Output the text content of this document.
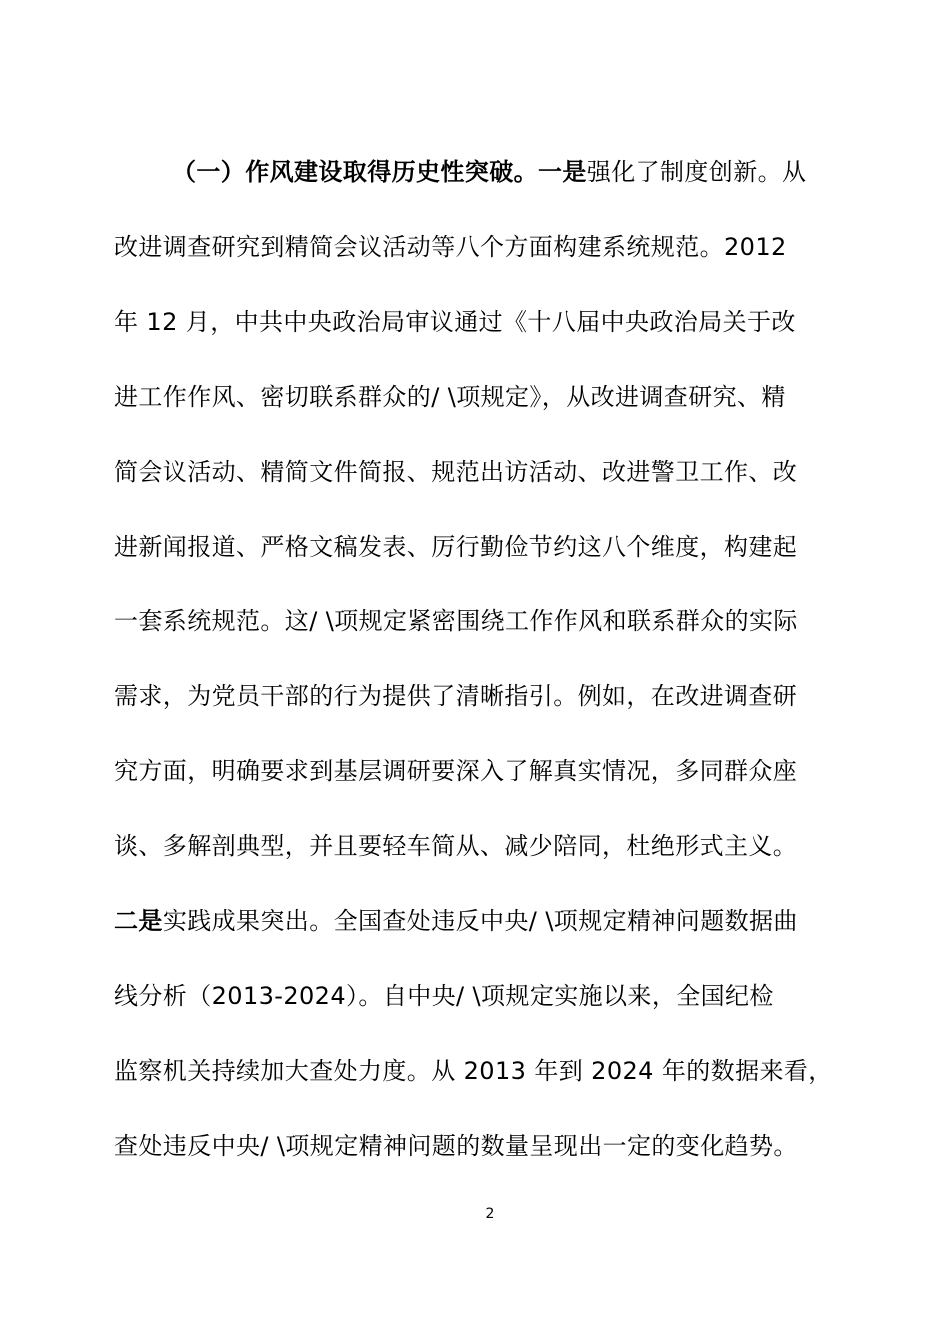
（一）作风建设取得历史性突破。一是强化了制度创新。从
改进调查研究到精简会议活动等八个方面构建系统规范。2012
年 12 月，中共中央政治局审议通过《十八届中央政治局关于改
进工作作风、密切联系群众的/ \项规定》，从改进调查研究、精
简会议活动、精简文件简报、规范出访活动、改进警卫工作、改
进新闻报道、严格文稿发表、厉行勤俭节约这八个维度，构建起
一套系统规范。这/ \项规定紧密围绕工作作风和联系群众的实际
需求，为党员干部的行为提供了清晰指引。例如，在改进调查研
究方面，明确要求到基层调研要深入了解真实情况，多同群众座
谈、多解剖典型，并且要轻车简从、减少陪同，杜绝形式主义。
二是实践成果突出。全国查处违反中央/ \项规定精神问题数据曲
线分析（2013-2024）。自中央/ \项规定实施以来，全国纪检
监察机关持续加大查处力度。从 2013 年到 2024 年的数据来看，
查处违反中央/ \项规定精神问题的数量呈现出一定的变化趋势。
2
